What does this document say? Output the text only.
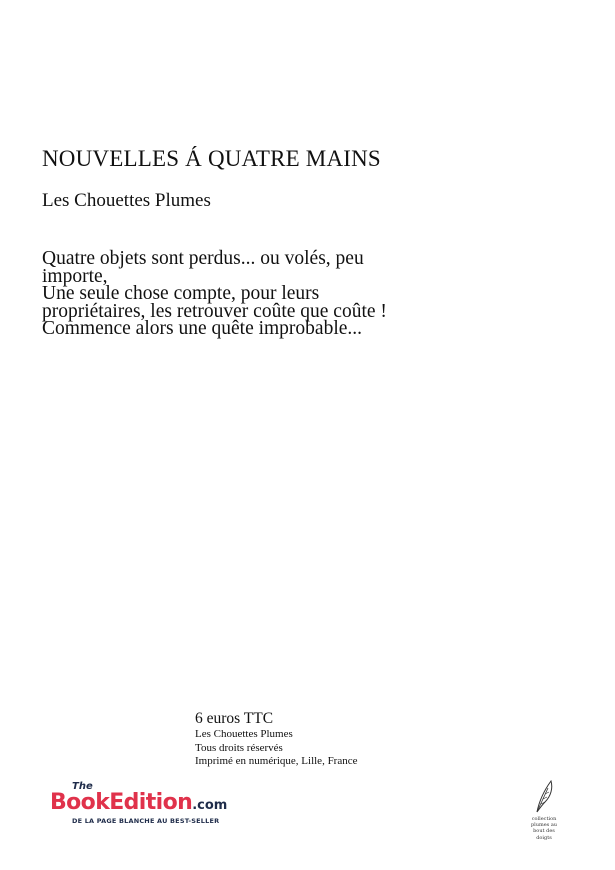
NOUVELLES Á QUATRE MAINS
Les Chouettes Plumes
Quatre objets sont perdus... ou volés, peu
importe,
Une seule chose compte, pour leurs
propriétaires, les retrouver coûte que coûte !
Commence alors une quête improbable...
6 euros TTC
Les Chouettes Plumes
Tous droits réservés
Imprimé en numérique, Lille, France
The
BookEdition.com
DE LA PAGE BLANCHE AU BEST-SELLER	collection
plumes au
bout des
doigts
